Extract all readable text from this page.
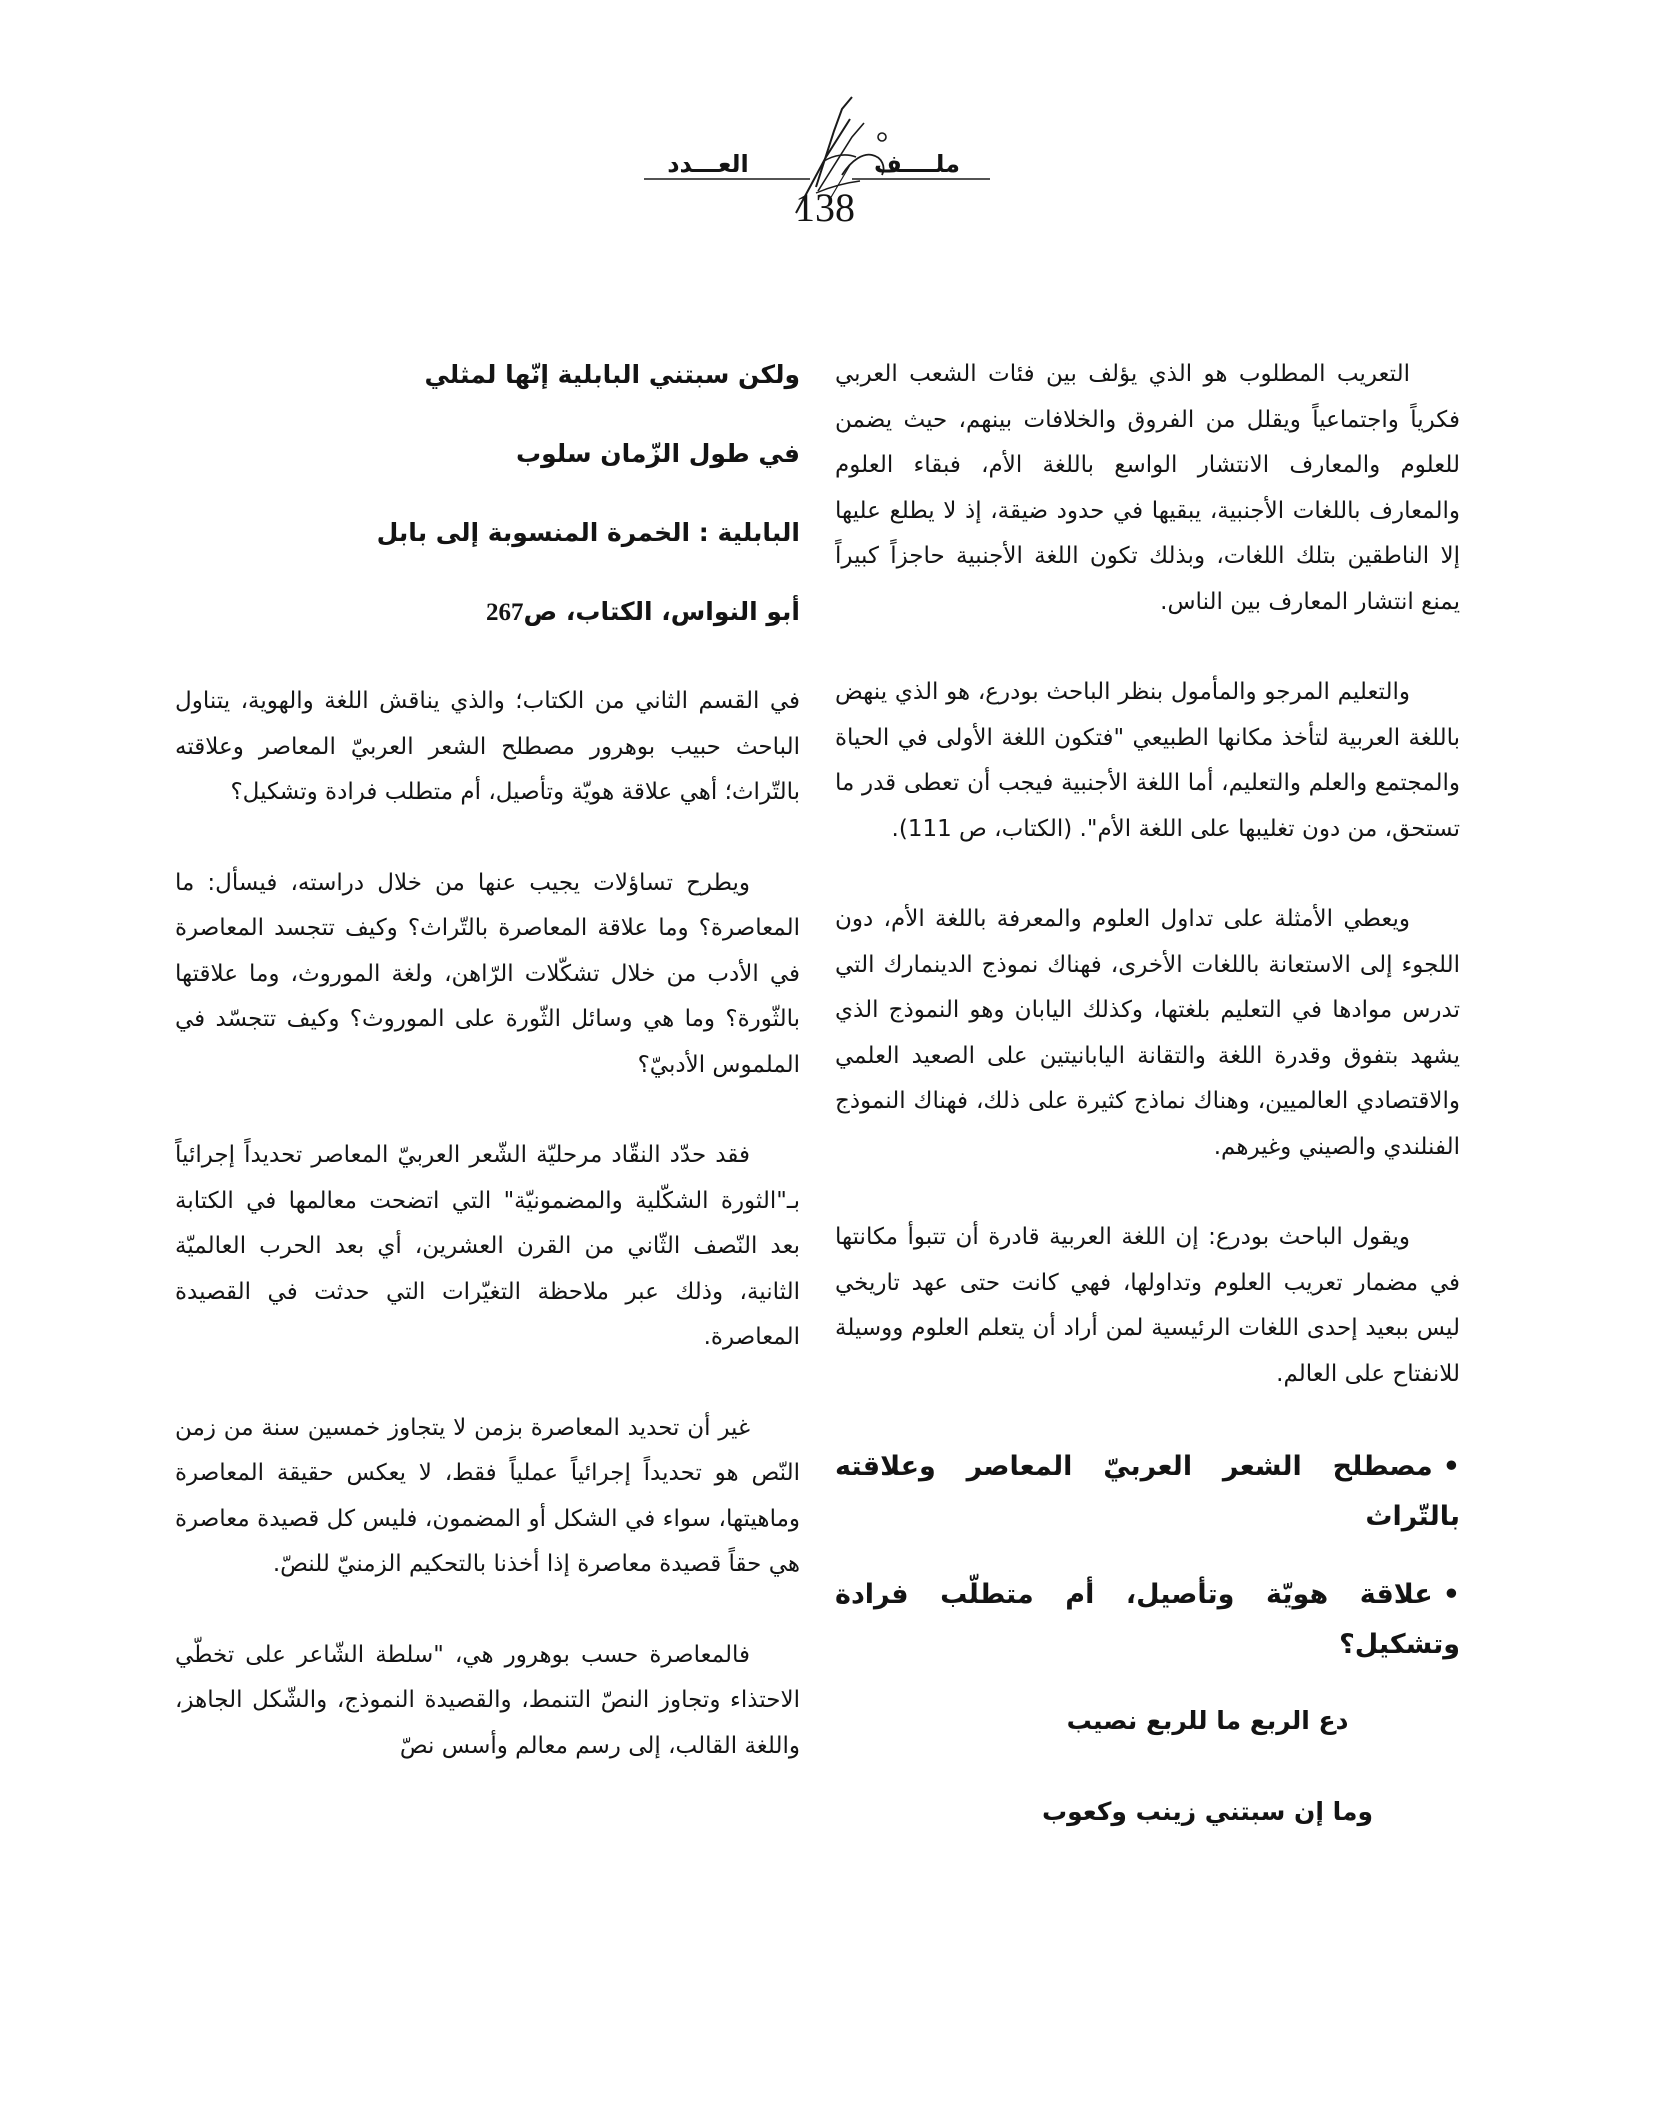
العـــدد	ملــــف
138

التعريب المطلوب هو الذي يؤلف بين فئات الشعب العربي فكرياً واجتماعياً ويقلل من الفروق والخلافات بينهم، حيث يضمن للعلوم والمعارف الانتشار الواسع باللغة الأم، فبقاء العلوم والمعارف باللغات الأجنبية، يبقيها في حدود ضيقة، إذ لا يطلع عليها إلا الناطقين بتلك اللغات، وبذلك تكون اللغة الأجنبية حاجزاً كبيراً يمنع انتشار المعارف بين الناس.

والتعليم المرجو والمأمول بنظر الباحث بودرع، هو الذي ينهض باللغة العربية لتأخذ مكانها الطبيعي "فتكون اللغة الأولى في الحياة والمجتمع والعلم والتعليم، أما اللغة الأجنبية فيجب أن تعطى قدر ما تستحق، من دون تغليبها على اللغة الأم". (الكتاب، ص 111).

ويعطي الأمثلة على تداول العلوم والمعرفة باللغة الأم، دون اللجوء إلى الاستعانة باللغات الأخرى، فهناك نموذج الدينمارك التي تدرس موادها في التعليم بلغتها، وكذلك اليابان وهو النموذج الذي يشهد بتفوق وقدرة اللغة والتقانة اليابانيتين على الصعيد العلمي والاقتصادي العالميين، وهناك نماذج كثيرة على ذلك، فهناك النموذج الفنلندي والصيني وغيرهم.

ويقول الباحث بودرع: إن اللغة العربية قادرة أن تتبوأ مكانتها في مضمار تعريب العلوم وتداولها، فهي كانت حتى عهد تاريخي ليس ببعيد إحدى اللغات الرئيسية لمن أراد أن يتعلم العلوم ووسيلة للانفتاح على العالم.

•مصطلح الشعر العربيّ المعاصر وعلاقته بالتّراث
•علاقة هويّة وتأصيل، أم متطلّب فرادة وتشكيل؟
دع الربع ما للربع نصيب
وما إن سبتني زينب وكعوب
ولكن سبتني البابلية إنّها لمثلي
في طول الزّمان سلوب
البابلية : الخمرة المنسوبة إلى بابل
أبو النواس، الكتاب، ص267

في القسم الثاني من الكتاب؛ والذي يناقش اللغة والهوية، يتناول الباحث حبيب بوهرور مصطلح الشعر العربيّ المعاصر وعلاقته بالتّراث؛ أهي علاقة هويّة وتأصيل، أم متطلب فرادة وتشكيل؟

ويطرح تساؤلات يجيب عنها من خلال دراسته، فيسأل: ما المعاصرة؟ وما علاقة المعاصرة بالتّراث؟ وكيف تتجسد المعاصرة في الأدب من خلال تشكّلات الرّاهن، ولغة الموروث، وما علاقتها بالثّورة؟ وما هي وسائل الثّورة على الموروث؟ وكيف تتجسّد في الملموس الأدبيّ؟

فقد حدّد النقّاد مرحليّة الشّعر العربيّ المعاصر تحديداً إجرائياً بـ"الثورة الشكّلية والمضمونيّة" التي اتضحت معالمها في الكتابة بعد النّصف الثّاني من القرن العشرين، أي بعد الحرب العالميّة الثانية، وذلك عبر ملاحظة التغيّرات التي حدثت في القصيدة المعاصرة.

غير أن تحديد المعاصرة بزمن لا يتجاوز خمسين سنة من زمن النّص هو تحديداً إجرائياً عملياً فقط، لا يعكس حقيقة المعاصرة وماهيتها، سواء في الشكل أو المضمون، فليس كل قصيدة معاصرة هي حقاً قصيدة معاصرة إذا أخذنا بالتحكيم الزمنيّ للنصّ.

فالمعاصرة حسب بوهرور هي، "سلطة الشّاعر على تخطّي الاحتذاء وتجاوز النصّ التنمط، والقصيدة النموذج، والشّكل الجاهز، واللغة القالب، إلى رسم معالم وأسس نصّ
